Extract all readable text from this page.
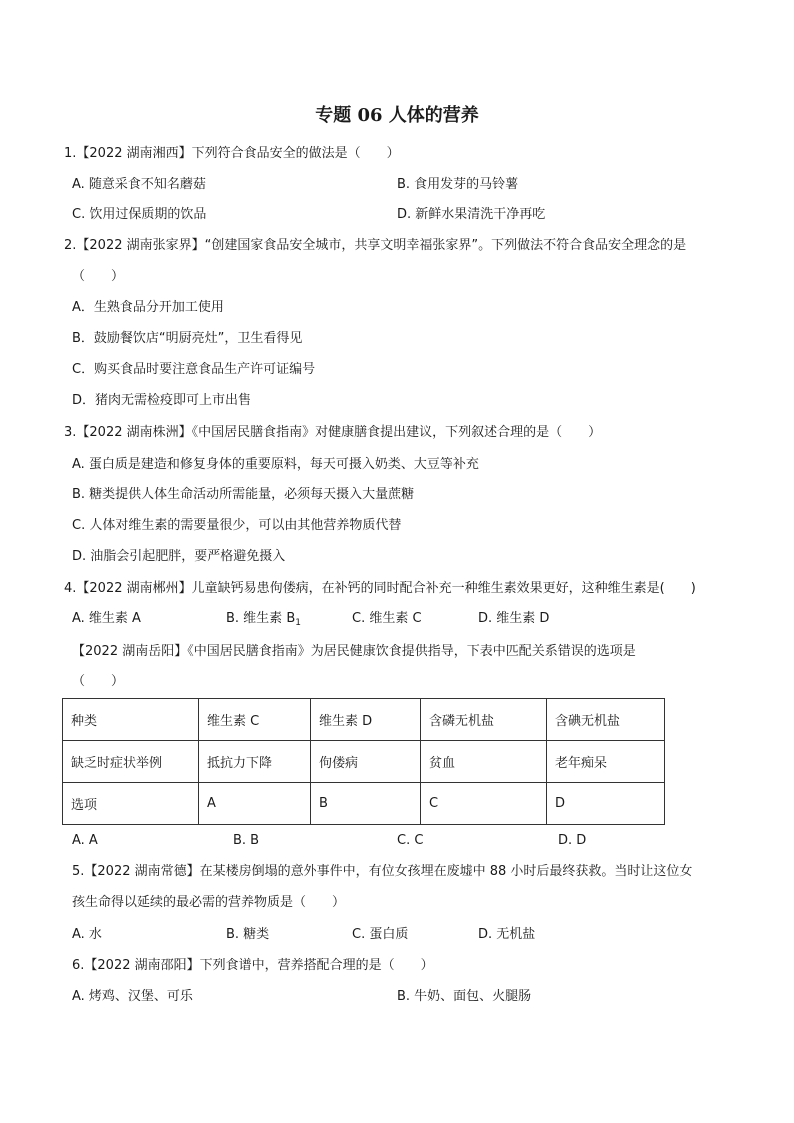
专题 06 人体的营养
1.【2022 湖南湘西】下列符合食品安全的做法是（　　）
A. 随意采食不知名蘑菇	B. 食用发芽的马铃薯
C. 饮用过保质期的饮品	D. 新鲜水果清洗干净再吃
2.【2022 湖南张家界】“创建国家食品安全城市，共享文明幸福张家界”。下列做法不符合食品安全理念的是
（　　）
A．生熟食品分开加工使用
B．鼓励餐饮店“明厨亮灶”，卫生看得见
C．购买食品时要注意食品生产许可证编号
D．猪肉无需检疫即可上市出售
3.【2022 湖南株洲】《中国居民膳食指南》对健康膳食提出建议，下列叙述合理的是（　　）
A. 蛋白质是建造和修复身体的重要原料，每天可摄入奶类、大豆等补充
B. 糖类提供人体生命活动所需能量，必须每天摄入大量蔗糖
C. 人体对维生素的需要量很少，可以由其他营养物质代替
D. 油脂会引起肥胖，要严格避免摄入
4.【2022 湖南郴州】儿童缺钙易患佝偻病，在补钙的同时配合补充一种维生素效果更好，这种维生素是(　　)
A. 维生素 A	B. 维生素 $B_1$	C. 维生素 C	D. 维生素 D
【2022 湖南岳阳】《中国居民膳食指南》为居民健康饮食提供指导，下表中匹配关系错误的选项是
（　　）
种类	维生素 C	维生素 D	含磷无机盐	含碘无机盐
缺乏时症状举例	抵抗力下降	佝偻病	贫血	老年痴呆
选项	A	B	C	D
A. A	B. B	C. C	D. D
5.【2022 湖南常德】在某楼房倒塌的意外事件中，有位女孩埋在废墟中 88 小时后最终获救。当时让这位女
孩生命得以延续的最必需的营养物质是（　　）
A. 水	B. 糖类	C. 蛋白质	D. 无机盐
6.【2022 湖南邵阳】下列食谱中，营养搭配合理的是（　　）
A. 烤鸡、汉堡、可乐	B. 牛奶、面包、火腿肠
